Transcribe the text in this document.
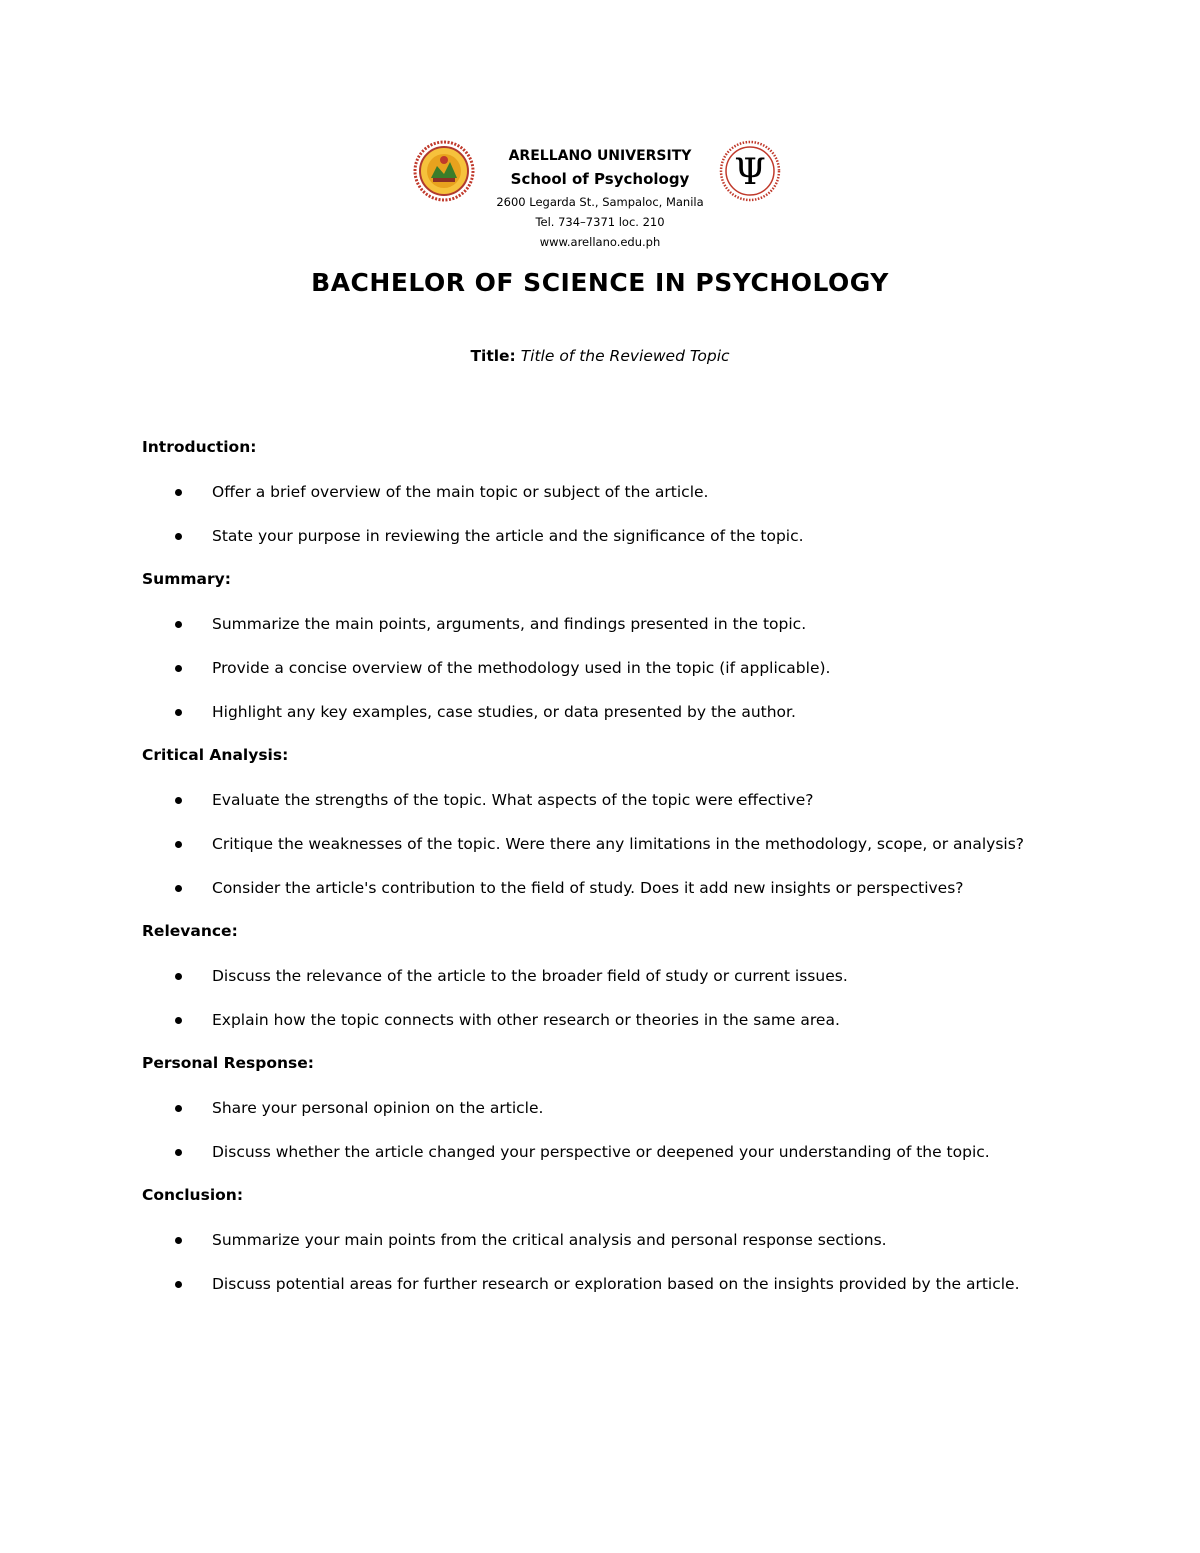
ARELLANO UNIVERSITY
School of Psychology
2600 Legarda St., Sampaloc, Manila
Tel. 734–7371 loc. 210
www.arellano.edu.ph
Ψ
BACHELOR OF SCIENCE IN PSYCHOLOGY
Title: Title of the Reviewed Topic
Introduction:
Offer a brief overview of the main topic or subject of the article.
State your purpose in reviewing the article and the significance of the topic.
Summary:
Summarize the main points, arguments, and findings presented in the topic.
Provide a concise overview of the methodology used in the topic (if applicable).
Highlight any key examples, case studies, or data presented by the author.
Critical Analysis:
Evaluate the strengths of the topic. What aspects of the topic were effective?
Critique the weaknesses of the topic. Were there any limitations in the methodology, scope, or analysis?
Consider the article's contribution to the field of study. Does it add new insights or perspectives?
Relevance:
Discuss the relevance of the article to the broader field of study or current issues.
Explain how the topic connects with other research or theories in the same area.
Personal Response:
Share your personal opinion on the article.
Discuss whether the article changed your perspective or deepened your understanding of the topic.
Conclusion:
Summarize your main points from the critical analysis and personal response sections.
Discuss potential areas for further research or exploration based on the insights provided by the article.
